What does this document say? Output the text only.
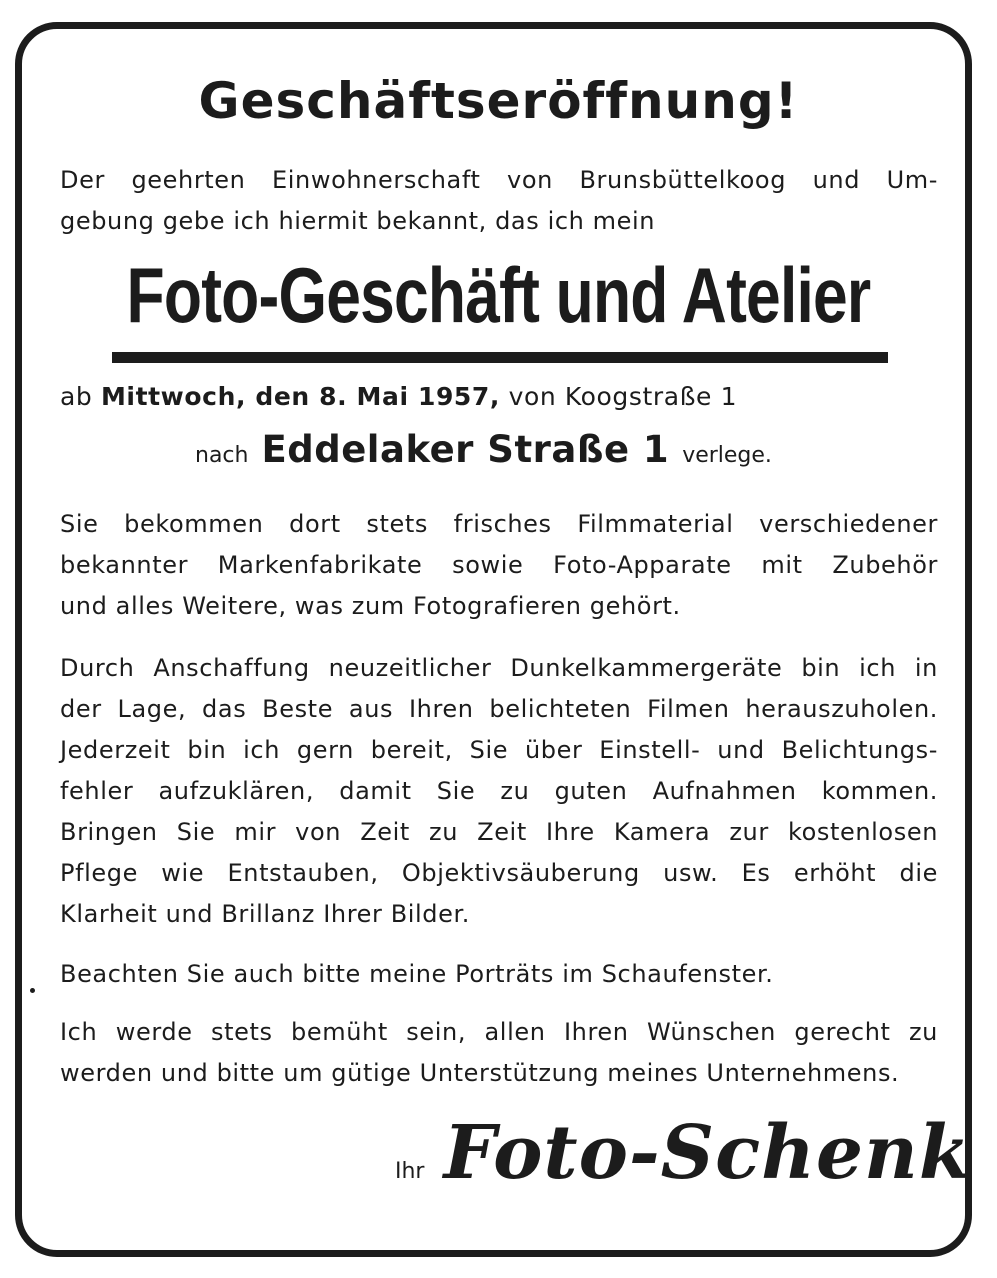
Geschäftseröffnung!

Der geehrten Einwohnerschaft von Brunsbüttelkoog und Um-
gebung gebe ich hiermit bekannt, das ich mein

Foto-Geschäft und Atelier

ab Mittwoch, den 8. Mai 1957, von Koogstraße 1

nach Eddelaker Straße 1 verlege.

Sie bekommen dort stets frisches Filmmaterial verschiedener
bekannter Markenfabrikate sowie Foto-Apparate mit Zubehör
und alles Weitere, was zum Fotografieren gehört.

Durch Anschaffung neuzeitlicher Dunkelkammergeräte bin ich in
der Lage, das Beste aus Ihren belichteten Filmen herauszuholen.
Jederzeit bin ich gern bereit, Sie über Einstell- und Belichtungs-
fehler aufzuklären, damit Sie zu guten Aufnahmen kommen.
Bringen Sie mir von Zeit zu Zeit Ihre Kamera zur kostenlosen
Pflege wie Entstauben, Objektivsäuberung usw. Es erhöht die
Klarheit und Brillanz Ihrer Bilder.

Beachten Sie auch bitte meine Porträts im Schaufenster.

Ich werde stets bemüht sein, allen Ihren Wünschen gerecht zu
werden und bitte um gütige Unterstützung meines Unternehmens.

Ihr Foto-Schenk
